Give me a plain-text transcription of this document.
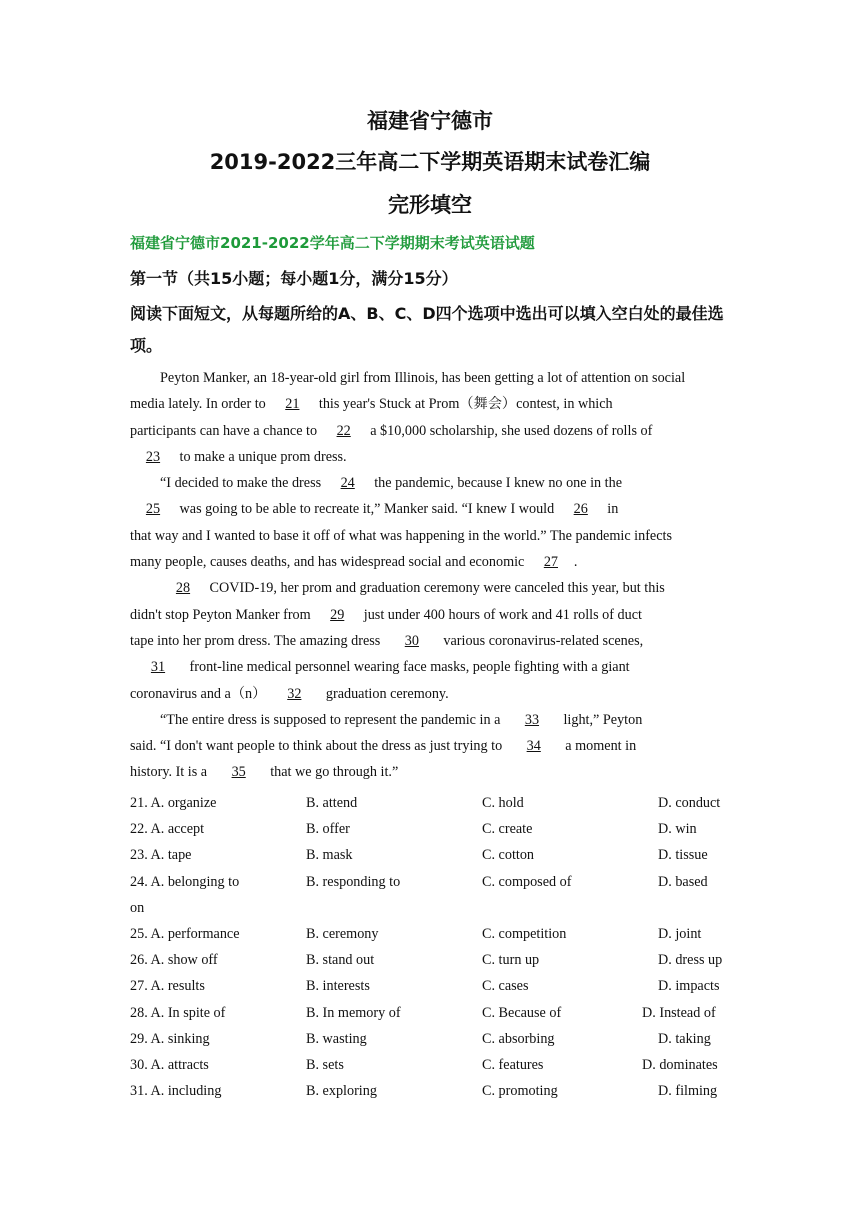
福建省宁德市
2019-2022三年高二下学期英语期末试卷汇编
完形填空
福建省宁德市2021-2022学年高二下学期期末考试英语试题
第一节（共15小题；每小题1分，满分15分）
阅读下面短文，从每题所给的A、B、C、D四个选项中选出可以填入空白处的最佳选项。
Peyton Manker, an 18-year-old girl from Illinois, has been getting a lot of attention on social
media lately. In order to 21 this year's Stuck at Prom（舞会）contest, in which
participants can have a chance to 22 a $10,000 scholarship, she used dozens of rolls of
23 to make a unique prom dress.
“I decided to make the dress 24 the pandemic, because I knew no one in the
25 was going to be able to recreate it,” Manker said. “I knew I would 26 in
that way and I wanted to base it off of what was happening in the world.” The pandemic infects
many people, causes deaths, and has widespread social and economic 27 .
28 COVID-19, her prom and graduation ceremony were canceled this year, but this
didn't stop Peyton Manker from 29 just under 400 hours of work and 41 rolls of duct
tape into her prom dress. The amazing dress 30 various coronavirus-related scenes,
31 front-line medical personnel wearing face masks, people fighting with a giant
coronavirus and a（n） 32 graduation ceremony.
“The entire dress is supposed to represent the pandemic in a 33 light,” Peyton
said. “I don't want people to think about the dress as just trying to 34 a moment in
history. It is a 35 that we go through it.”
21. A. organize	B. attend	C. hold	D. conduct
22. A. accept	B. offer	C. create	D. win
23. A. tape	B. mask	C. cotton	D. tissue
24. A. belonging to	B. responding to	C. composed of	D. based
on
25. A. performance	B. ceremony	C. competition	D. joint
26. A. show off	B. stand out	C. turn up	D. dress up
27. A. results	B. interests	C. cases	D. impacts
28. A. In spite of	B. In memory of	C. Because of	D. Instead of
29. A. sinking	B. wasting	C. absorbing	D. taking
30. A. attracts	B. sets	C. features	D. dominates
31. A. including	B. exploring	C. promoting	D. filming
